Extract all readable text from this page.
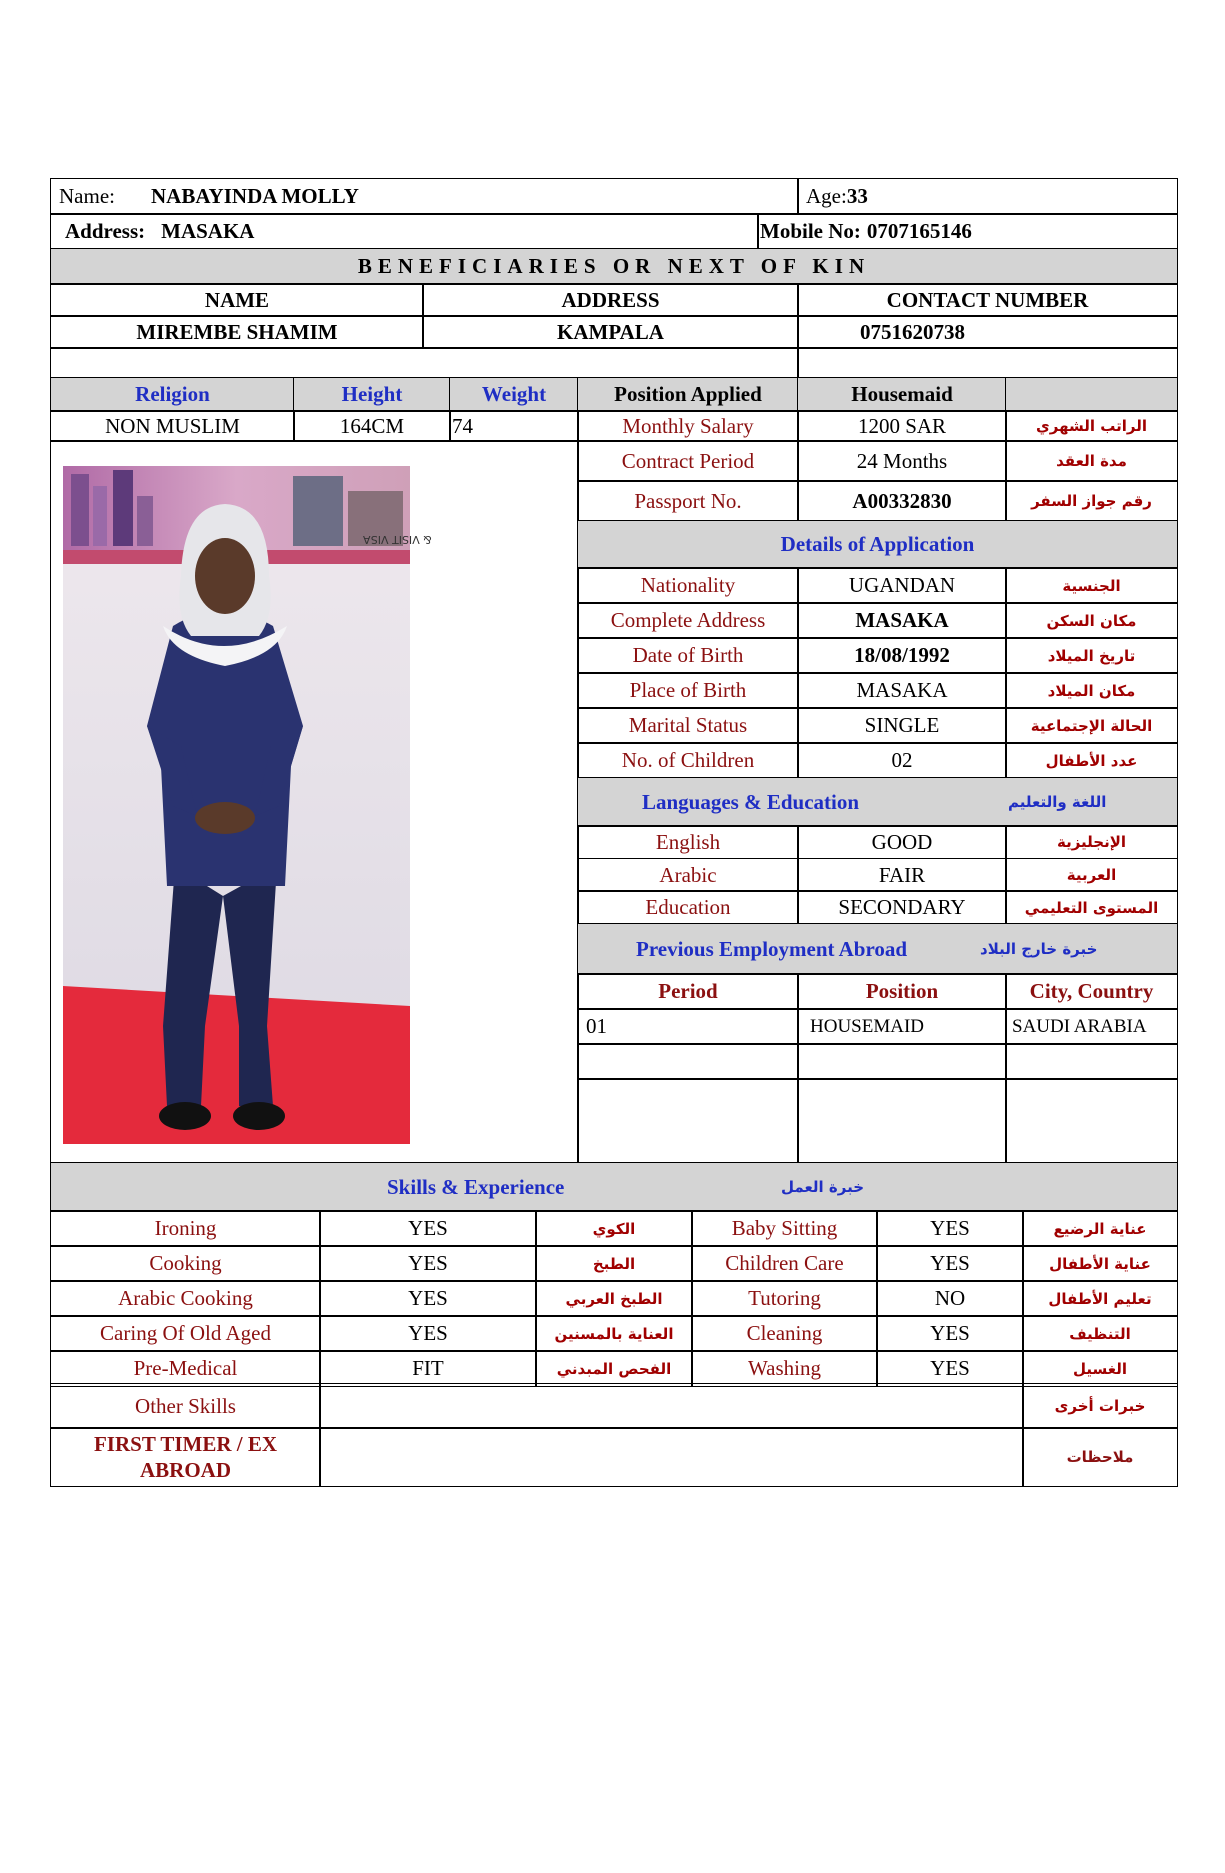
Name: NABAYINDA MOLLY	Age: 33
Address: MASAKA	Mobile No: 0707165146
BENEFICIARIES OR NEXT OF KIN
NAME	ADDRESS	CONTACT NUMBER
MIREMBE SHAMIM	KAMPALA	0751620738
Religion	Height	Weight	Position Applied	Housemaid
NON MUSLIM	164CM	74
& VISIT VISA
Monthly Salary	1200 SAR	الراتب الشهري
Contract Period	24 Months	مدة العقد
Passport No.	A00332830	رقم جواز السفر
Details of Application
Nationality	UGANDAN	الجنسية
Complete Address	MASAKA	مكان السكن
Date of Birth	18/08/1992	تاريخ الميلاد
Place of Birth	MASAKA	مكان الميلاد
Marital Status	SINGLE	الحالة الإجتماعية
No. of Children	02	عدد الأطفال
Languages & Education	اللغة والتعليم
English	GOOD	الإنجليزية
Arabic	FAIR	العربية
Education	SECONDARY	المستوى التعليمي
Previous Employment Abroad	خبرة خارج البلاد
Period	Position	City, Country
01	HOUSEMAID	SAUDI ARABIA
Skills & Experience	خبرة العمل
Ironing	YES	الكوي	Baby Sitting	YES	عناية الرضيع
Cooking	YES	الطبخ	Children Care	YES	عناية الأطفال
Arabic Cooking	YES	الطبخ العربي	Tutoring	NO	تعليم الأطفال
Caring Of Old Aged	YES	العناية بالمسنين	Cleaning	YES	التنظيف
Pre-Medical	FIT	الفحص المبدني	Washing	YES	الغسيل
Other Skills	خبرات أخرى
FIRST TIMER / EX ABROAD
ملاحظات
